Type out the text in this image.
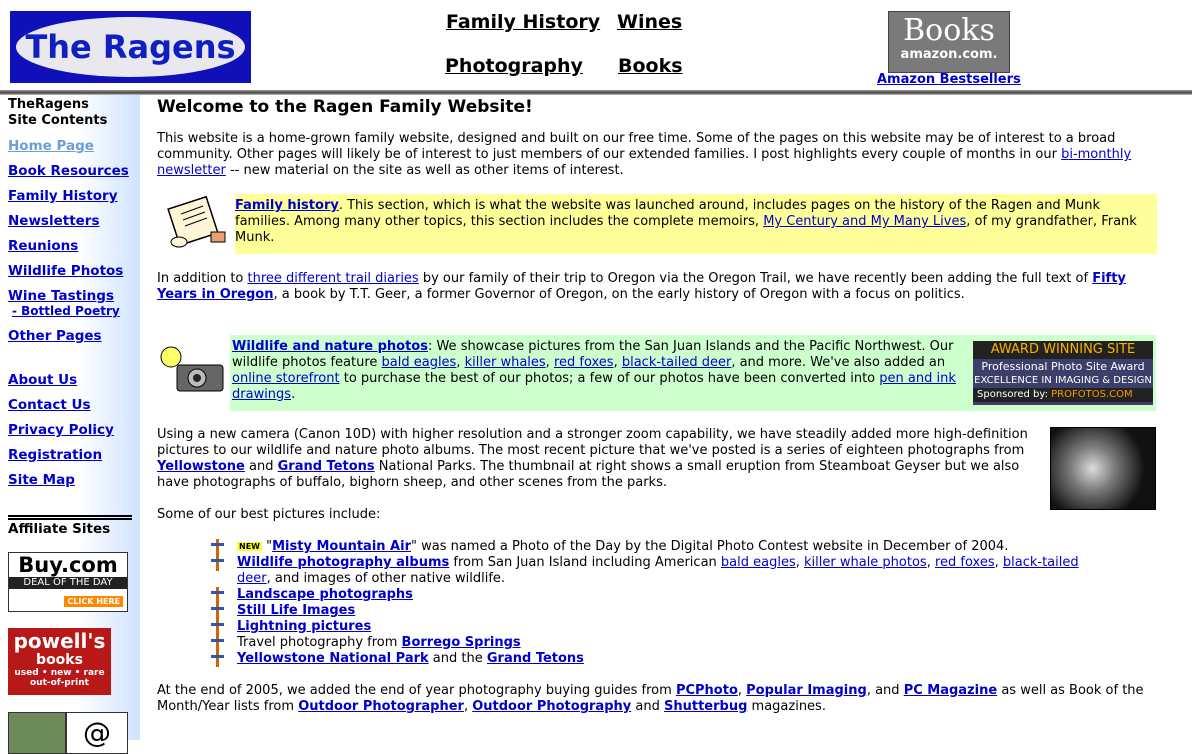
The Ragens
Family History Wines
Photography Books
Books
amazon.com.
Amazon Bestsellers
TheRagens
Site Contents
Home Page
Book Resources
Family History
Newsletters
Reunions
Wildlife Photos
Wine Tastings
- Bottled Poetry
Other Pages
About Us
Contact Us
Privacy Policy
Registration
Site Map
Affiliate Sites
Buy.com
DEAL OF THE DAY
CLICK HERE
powell's
books
used • new • rare
out-of-print
@
Welcome to the Ragen Family Website!
This website is a home-grown family website, designed and built on our free time. Some of the pages on this website may be of interest to a broad community. Other pages will likely be of interest to just members of our extended families. I post highlights every couple of months in our bi-monthly newsletter -- new material on the site as well as other items of interest.
Family history. This section, which is what the website was launched around, includes pages on the history of the Ragen and Munk families. Among many other topics, this section includes the complete memoirs, My Century and My Many Lives, of my grandfather, Frank Munk.
In addition to three different trail diaries by our family of their trip to Oregon via the Oregon Trail, we have recently been adding the full text of Fifty Years in Oregon, a book by T.T. Geer, a former Governor of Oregon, on the early history of Oregon with a focus on politics.
Wildlife and nature photos: We showcase pictures from the San Juan Islands and the Pacific Northwest. Our wildlife photos feature bald eagles, killer whales, red foxes, black-tailed deer, and more. We've also added an online storefront to purchase the best of our photos; a few of our photos have been converted into pen and ink drawings.
AWARD WINNING SITE
Professional Photo Site Award
EXCELLENCE IN IMAGING & DESIGN
Sponsored by: PROFOTOS.COM
Using a new camera (Canon 10D) with higher resolution and a stronger zoom capability, we have steadily added more high-definition pictures to our wildlife and nature photo albums. The most recent picture that we've posted is a series of eighteen photographs from Yellowstone and Grand Tetons National Parks. The thumbnail at right shows a small eruption from Steamboat Geyser but we also have photographs of buffalo, bighorn sheep, and other scenes from the parks.
Some of our best pictures include:
$^{NEW}$ "Misty Mountain Air" was named a Photo of the Day by the Digital Photo Contest website in December of 2004.
Wildlife photography albums from San Juan Island including American bald eagles, killer whale photos, red foxes, black-tailed deer, and images of other native wildlife.
Landscape photographs
Still Life Images
Lightning pictures
Travel photography from Borrego Springs
Yellowstone National Park and the Grand Tetons
At the end of 2005, we added the end of year photography buying guides from PCPhoto, Popular Imaging, and PC Magazine as well as Book of the Month/Year lists from Outdoor Photographer, Outdoor Photography and Shutterbug magazines.
